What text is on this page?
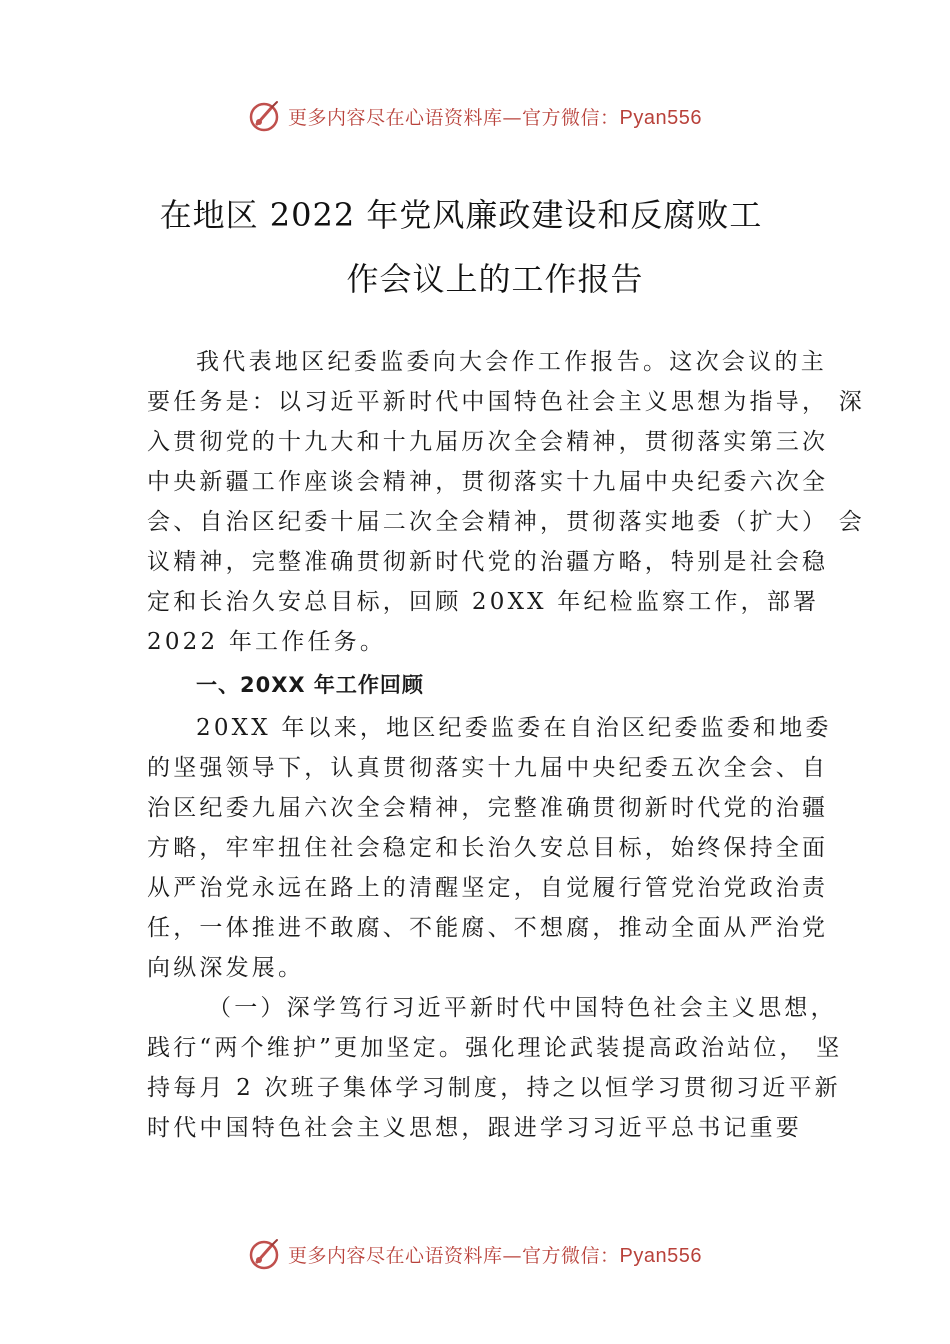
更多内容尽在心语资料库—官方微信：Pyan556
在地区 2022 年党风廉政建设和反腐败工
作会议上的工作报告
我代表地区纪委监委向大会作工作报告。这次会议的主
要任务是：以习近平新时代中国特色社会主义思想为指导， 深
入贯彻党的十九大和十九届历次全会精神，贯彻落实第三次
中央新疆工作座谈会精神，贯彻落实十九届中央纪委六次全
会、自治区纪委十届二次全会精神，贯彻落实地委（扩大） 会
议精神，完整准确贯彻新时代党的治疆方略，特别是社会稳
定和长治久安总目标，回顾 20XX 年纪检监察工作，部署
2022 年工作任务。
一、20XX 年工作回顾
20XX 年以来，地区纪委监委在自治区纪委监委和地委
的坚强领导下，认真贯彻落实十九届中央纪委五次全会、自
治区纪委九届六次全会精神，完整准确贯彻新时代党的治疆
方略，牢牢扭住社会稳定和长治久安总目标，始终保持全面
从严治党永远在路上的清醒坚定，自觉履行管党治党政治责
任，一体推进不敢腐、不能腐、不想腐，推动全面从严治党
向纵深发展。
（一）深学笃行习近平新时代中国特色社会主义思想，
践行“两个维护”更加坚定。强化理论武装提高政治站位， 坚
持每月 2 次班子集体学习制度，持之以恒学习贯彻习近平新
时代中国特色社会主义思想，跟进学习习近平总书记重要
更多内容尽在心语资料库—官方微信：Pyan556
